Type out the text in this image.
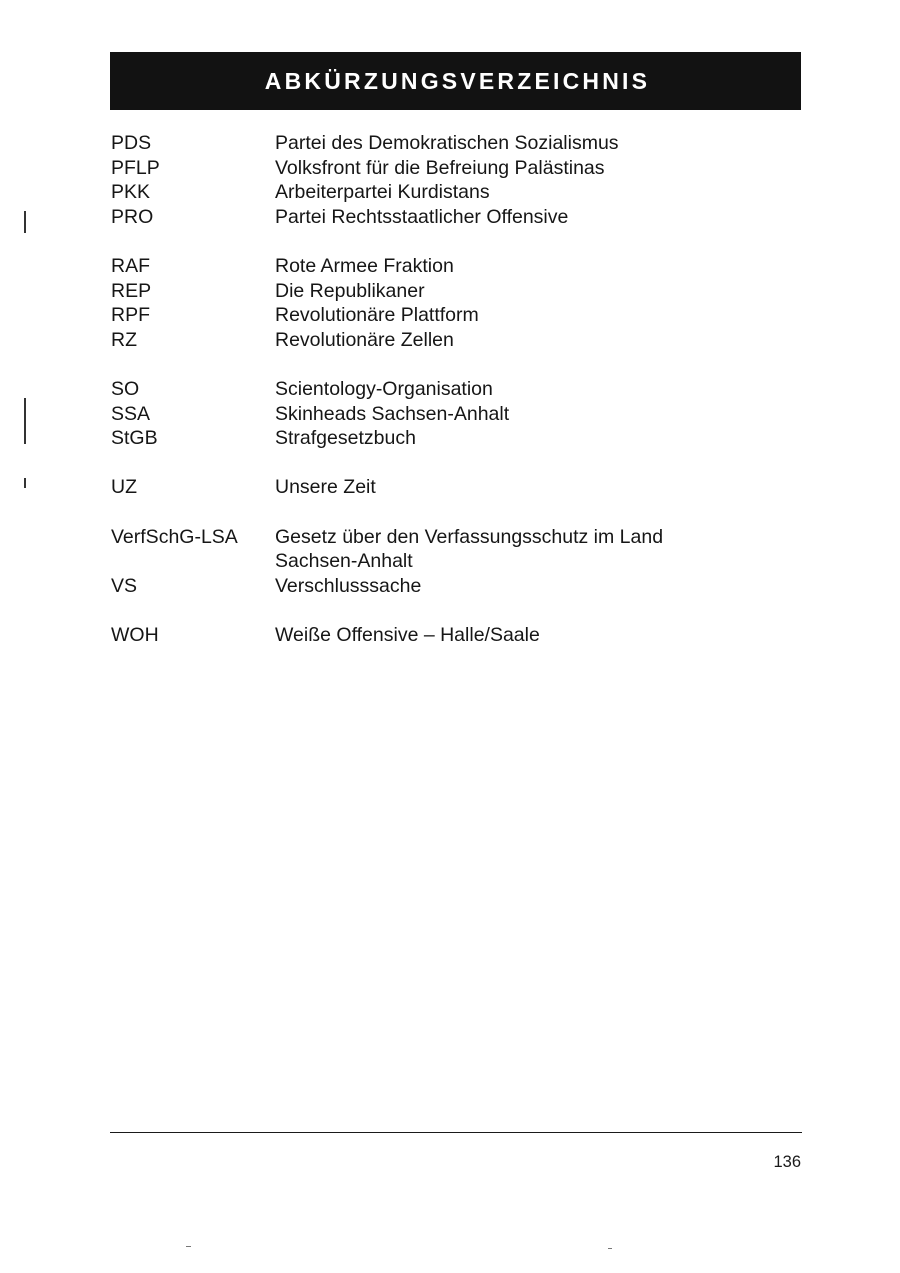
ABKÜRZUNGSVERZEICHNIS
PDS	Partei des Demokratischen Sozialismus
PFLP	Volksfront für die Befreiung Palästinas
PKK	Arbeiterpartei Kurdistans
PRO	Partei Rechtsstaatlicher Offensive
RAF	Rote Armee Fraktion
REP	Die Republikaner
RPF	Revolutionäre Plattform
RZ	Revolutionäre Zellen
SO	Scientology-Organisation
SSA	Skinheads Sachsen-Anhalt
StGB	Strafgesetzbuch
UZ	Unsere Zeit
VerfSchG-LSA	Gesetz über den Verfassungsschutz im Land
Sachsen-Anhalt
VS	Verschlusssache
WOH	Weiße Offensive – Halle/Saale
136
